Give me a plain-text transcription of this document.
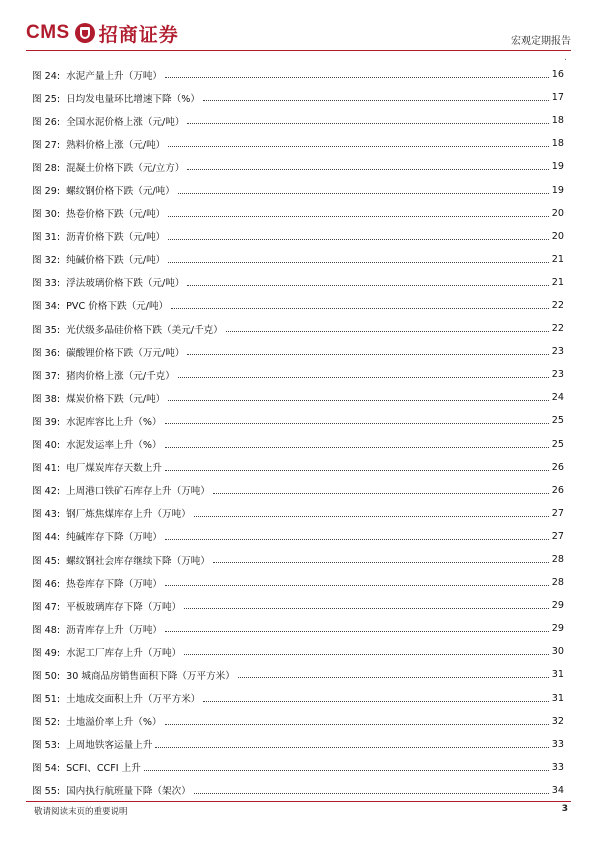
CMS 招商证券	宏观定期报告
.
图 24: 水泥产量上升（万吨）	16
图 25: 日均发电量环比增速下降（%）	17
图 26: 全国水泥价格上涨（元/吨）	18
图 27: 熟料价格上涨（元/吨）	18
图 28: 混凝土价格下跌（元/立方）	19
图 29: 螺纹钢价格下跌（元/吨）	19
图 30: 热卷价格下跌（元/吨）	20
图 31: 沥青价格下跌（元/吨）	20
图 32: 纯碱价格下跌（元/吨）	21
图 33: 浮法玻璃价格下跌（元/吨）	21
图 34: PVC 价格下跌（元/吨）	22
图 35: 光伏级多晶硅价格下跌（美元/千克）	22
图 36: 碳酸锂价格下跌（万元/吨）	23
图 37: 猪肉价格上涨（元/千克）	23
图 38: 煤炭价格下跌（元/吨）	24
图 39: 水泥库容比上升（%）	25
图 40: 水泥发运率上升（%）	25
图 41: 电厂煤炭库存天数上升	26
图 42: 上周港口铁矿石库存上升（万吨）	26
图 43: 钢厂炼焦煤库存上升（万吨）	27
图 44: 纯碱库存下降（万吨）	27
图 45: 螺纹钢社会库存继续下降（万吨）	28
图 46: 热卷库存下降（万吨）	28
图 47: 平板玻璃库存下降（万吨）	29
图 48: 沥青库存上升（万吨）	29
图 49: 水泥工厂库存上升（万吨）	30
图 50: 30 城商品房销售面积下降（万平方米）	31
图 51: 土地成交面积上升（万平方米）	31
图 52: 土地溢价率上升（%）	32
图 53: 上周地铁客运量上升	33
图 54: SCFI、CCFI 上升	33
图 55: 国内执行航班量下降（架次）	34
敬请阅读末页的重要说明	3
